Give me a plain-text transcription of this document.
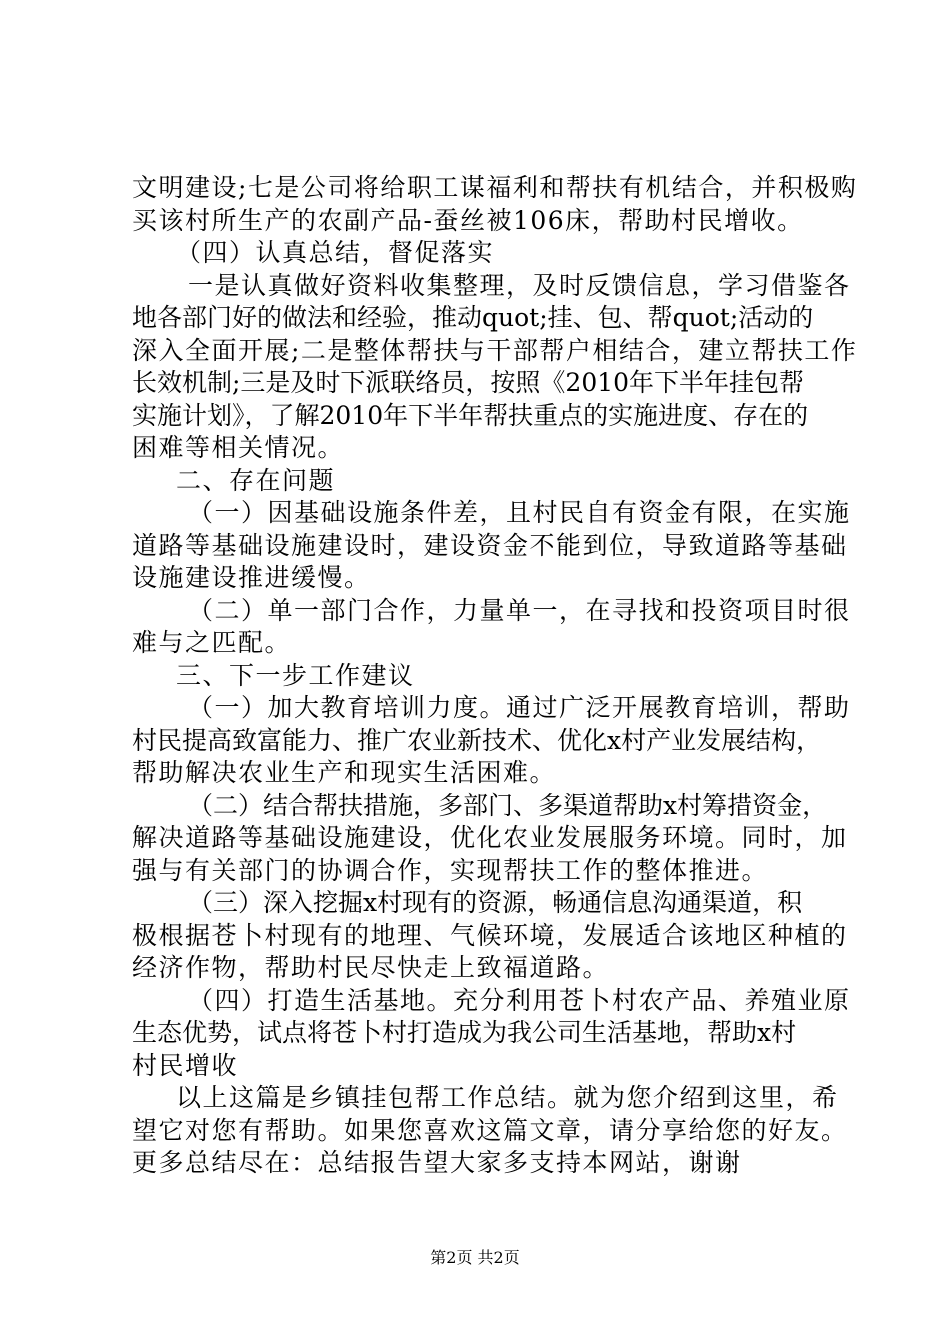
文明建设;七是公司将给职工谋福利和帮扶有机结合，并积极购
买该村所生产的农副产品-蚕丝被106床，帮助村民增收。
（四）认真总结，督促落实
一是认真做好资料收集整理，及时反馈信息，学习借鉴各
地各部门好的做法和经验，推动quot;挂、包、帮quot;活动的
深入全面开展;二是整体帮扶与干部帮户相结合，建立帮扶工作
长效机制;三是及时下派联络员，按照《2010年下半年挂包帮
实施计划》，了解2010年下半年帮扶重点的实施进度、存在的
困难等相关情况。
二、存在问题
（一）因基础设施条件差，且村民自有资金有限，在实施
道路等基础设施建设时，建设资金不能到位，导致道路等基础
设施建设推进缓慢。
（二）单一部门合作，力量单一，在寻找和投资项目时很
难与之匹配。
三、下一步工作建议
（一）加大教育培训力度。通过广泛开展教育培训，帮助
村民提高致富能力、推广农业新技术、优化x村产业发展结构，
帮助解决农业生产和现实生活困难。
（二）结合帮扶措施，多部门、多渠道帮助x村筹措资金，
解决道路等基础设施建设，优化农业发展服务环境。同时，加
强与有关部门的协调合作，实现帮扶工作的整体推进。
（三）深入挖掘x村现有的资源，畅通信息沟通渠道，积
极根据苍卜村现有的地理、气候环境，发展适合该地区种植的
经济作物，帮助村民尽快走上致福道路。
（四）打造生活基地。充分利用苍卜村农产品、养殖业原
生态优势，试点将苍卜村打造成为我公司生活基地，帮助x村
村民增收
以上这篇是乡镇挂包帮工作总结。就为您介绍到这里，希
望它对您有帮助。如果您喜欢这篇文章，请分享给您的好友。
更多总结尽在：总结报告望大家多支持本网站，谢谢
第2页 共2页
